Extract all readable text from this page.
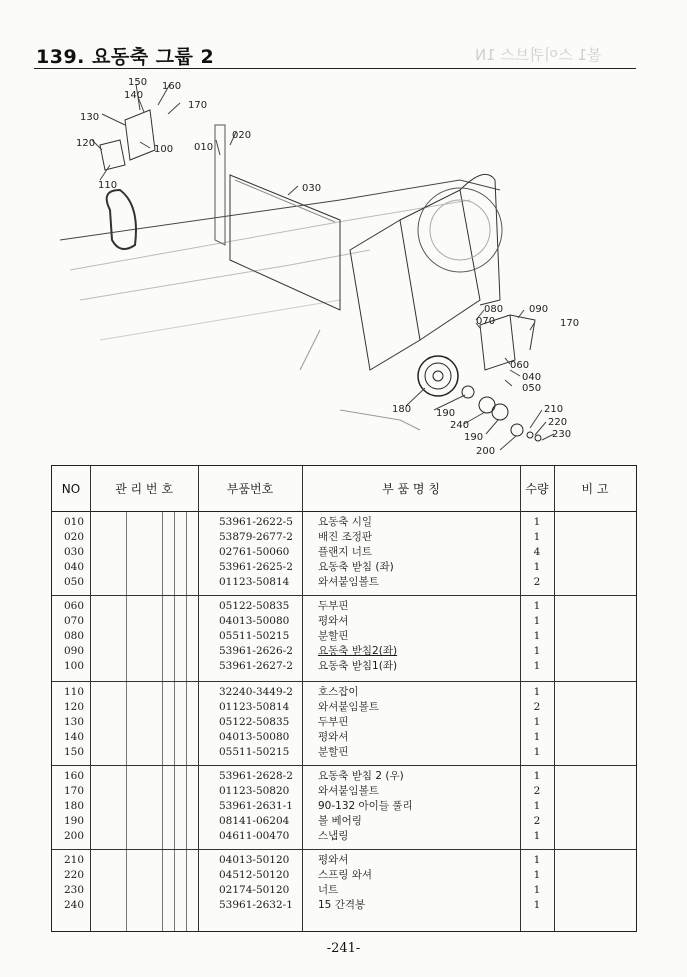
139. 요동축 그룹 2	볼1 스이퀴브스 1N
150 160
140
170
130
120
100 010
020
110	030
080	090
070	170
060
040
050
180 190
240
210
220
190	230
200
NO	관 리 번 호	부품번호	부 품 명 칭	수량	비 고
010	53961-2622-5 요동축 시일	1
020	53879-2677-2 배진 조정판	1
030	02761-50060	플랜지 너트	4
040	53961-2625-2 요동축 받침 (좌)	1
050	01123-50814	와셔붙임볼트	2
060	05122-50835	두부핀	1
070	04013-50080	평와셔	1
080	05511-50215	분할핀	1
090	53961-2626-2 요동축 받침2(좌)	1
100	53961-2627-2 요동축 받침1(좌)	1
110	32240-3449-2 호스잡이	1
120	01123-50814	와셔붙임볼트	2
130	05122-50835	두부핀	1
140	04013-50080	평와셔	1
150	05511-50215	분할핀	1
160	53961-2628-2 요동축 받침 2 (우)	1
170	01123-50820	와셔붙임볼트	2
180	53961-2631-1 90-132 아이들 풀리	1
190	08141-06204	볼 베어링	2
200	04611-00470	스냅링	1
210	04013-50120	평와셔	1
220	04512-50120	스프링 와셔	1
230	02174-50120	너트	1
240	53961-2632-1 15 간격봉	1
-241-
